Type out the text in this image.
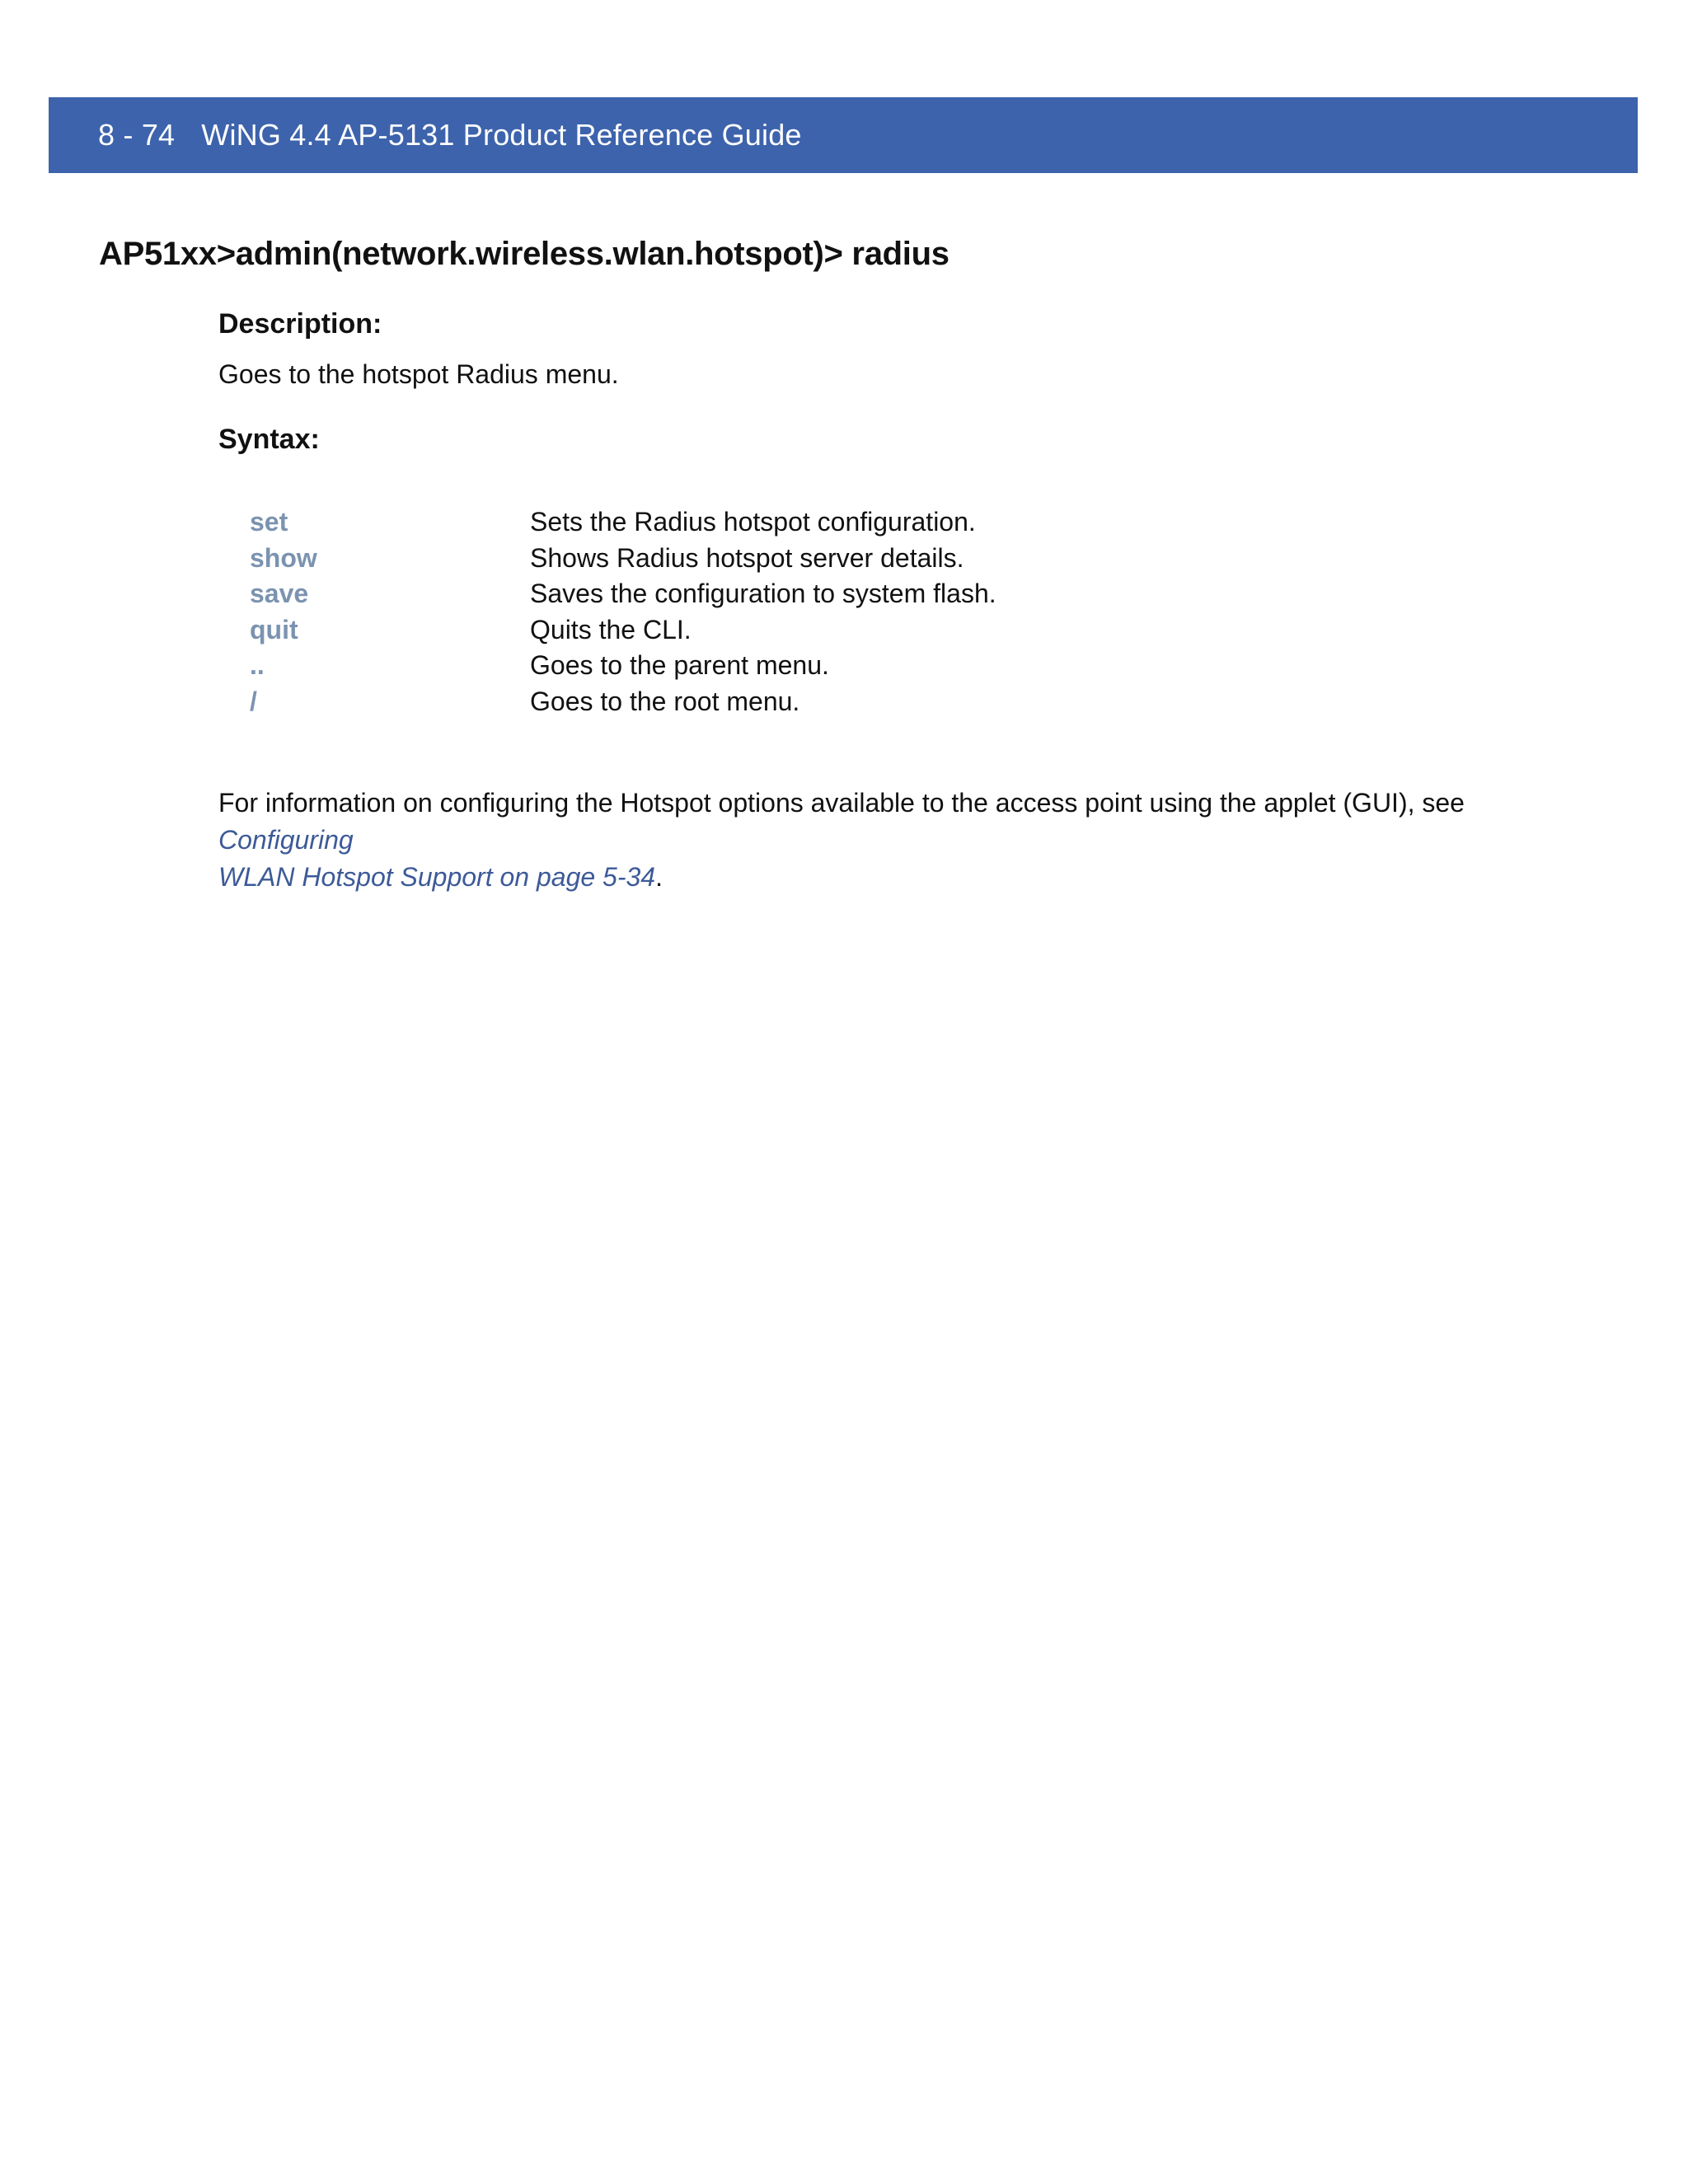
8 - 74 WiNG 4.4 AP-5131 Product Reference Guide
AP51xx>admin(network.wireless.wlan.hotspot)> radius
Description:
Goes to the hotspot Radius menu.
Syntax:
set	Sets the Radius hotspot configuration.
show	Shows Radius hotspot server details.
save	Saves the configuration to system flash.
quit	Quits the CLI.
..	Goes to the parent menu.
/	Goes to the root menu.
For information on configuring the Hotspot options available to the access point using the applet (GUI), see Configuring
WLAN Hotspot Support on page 5-34.
